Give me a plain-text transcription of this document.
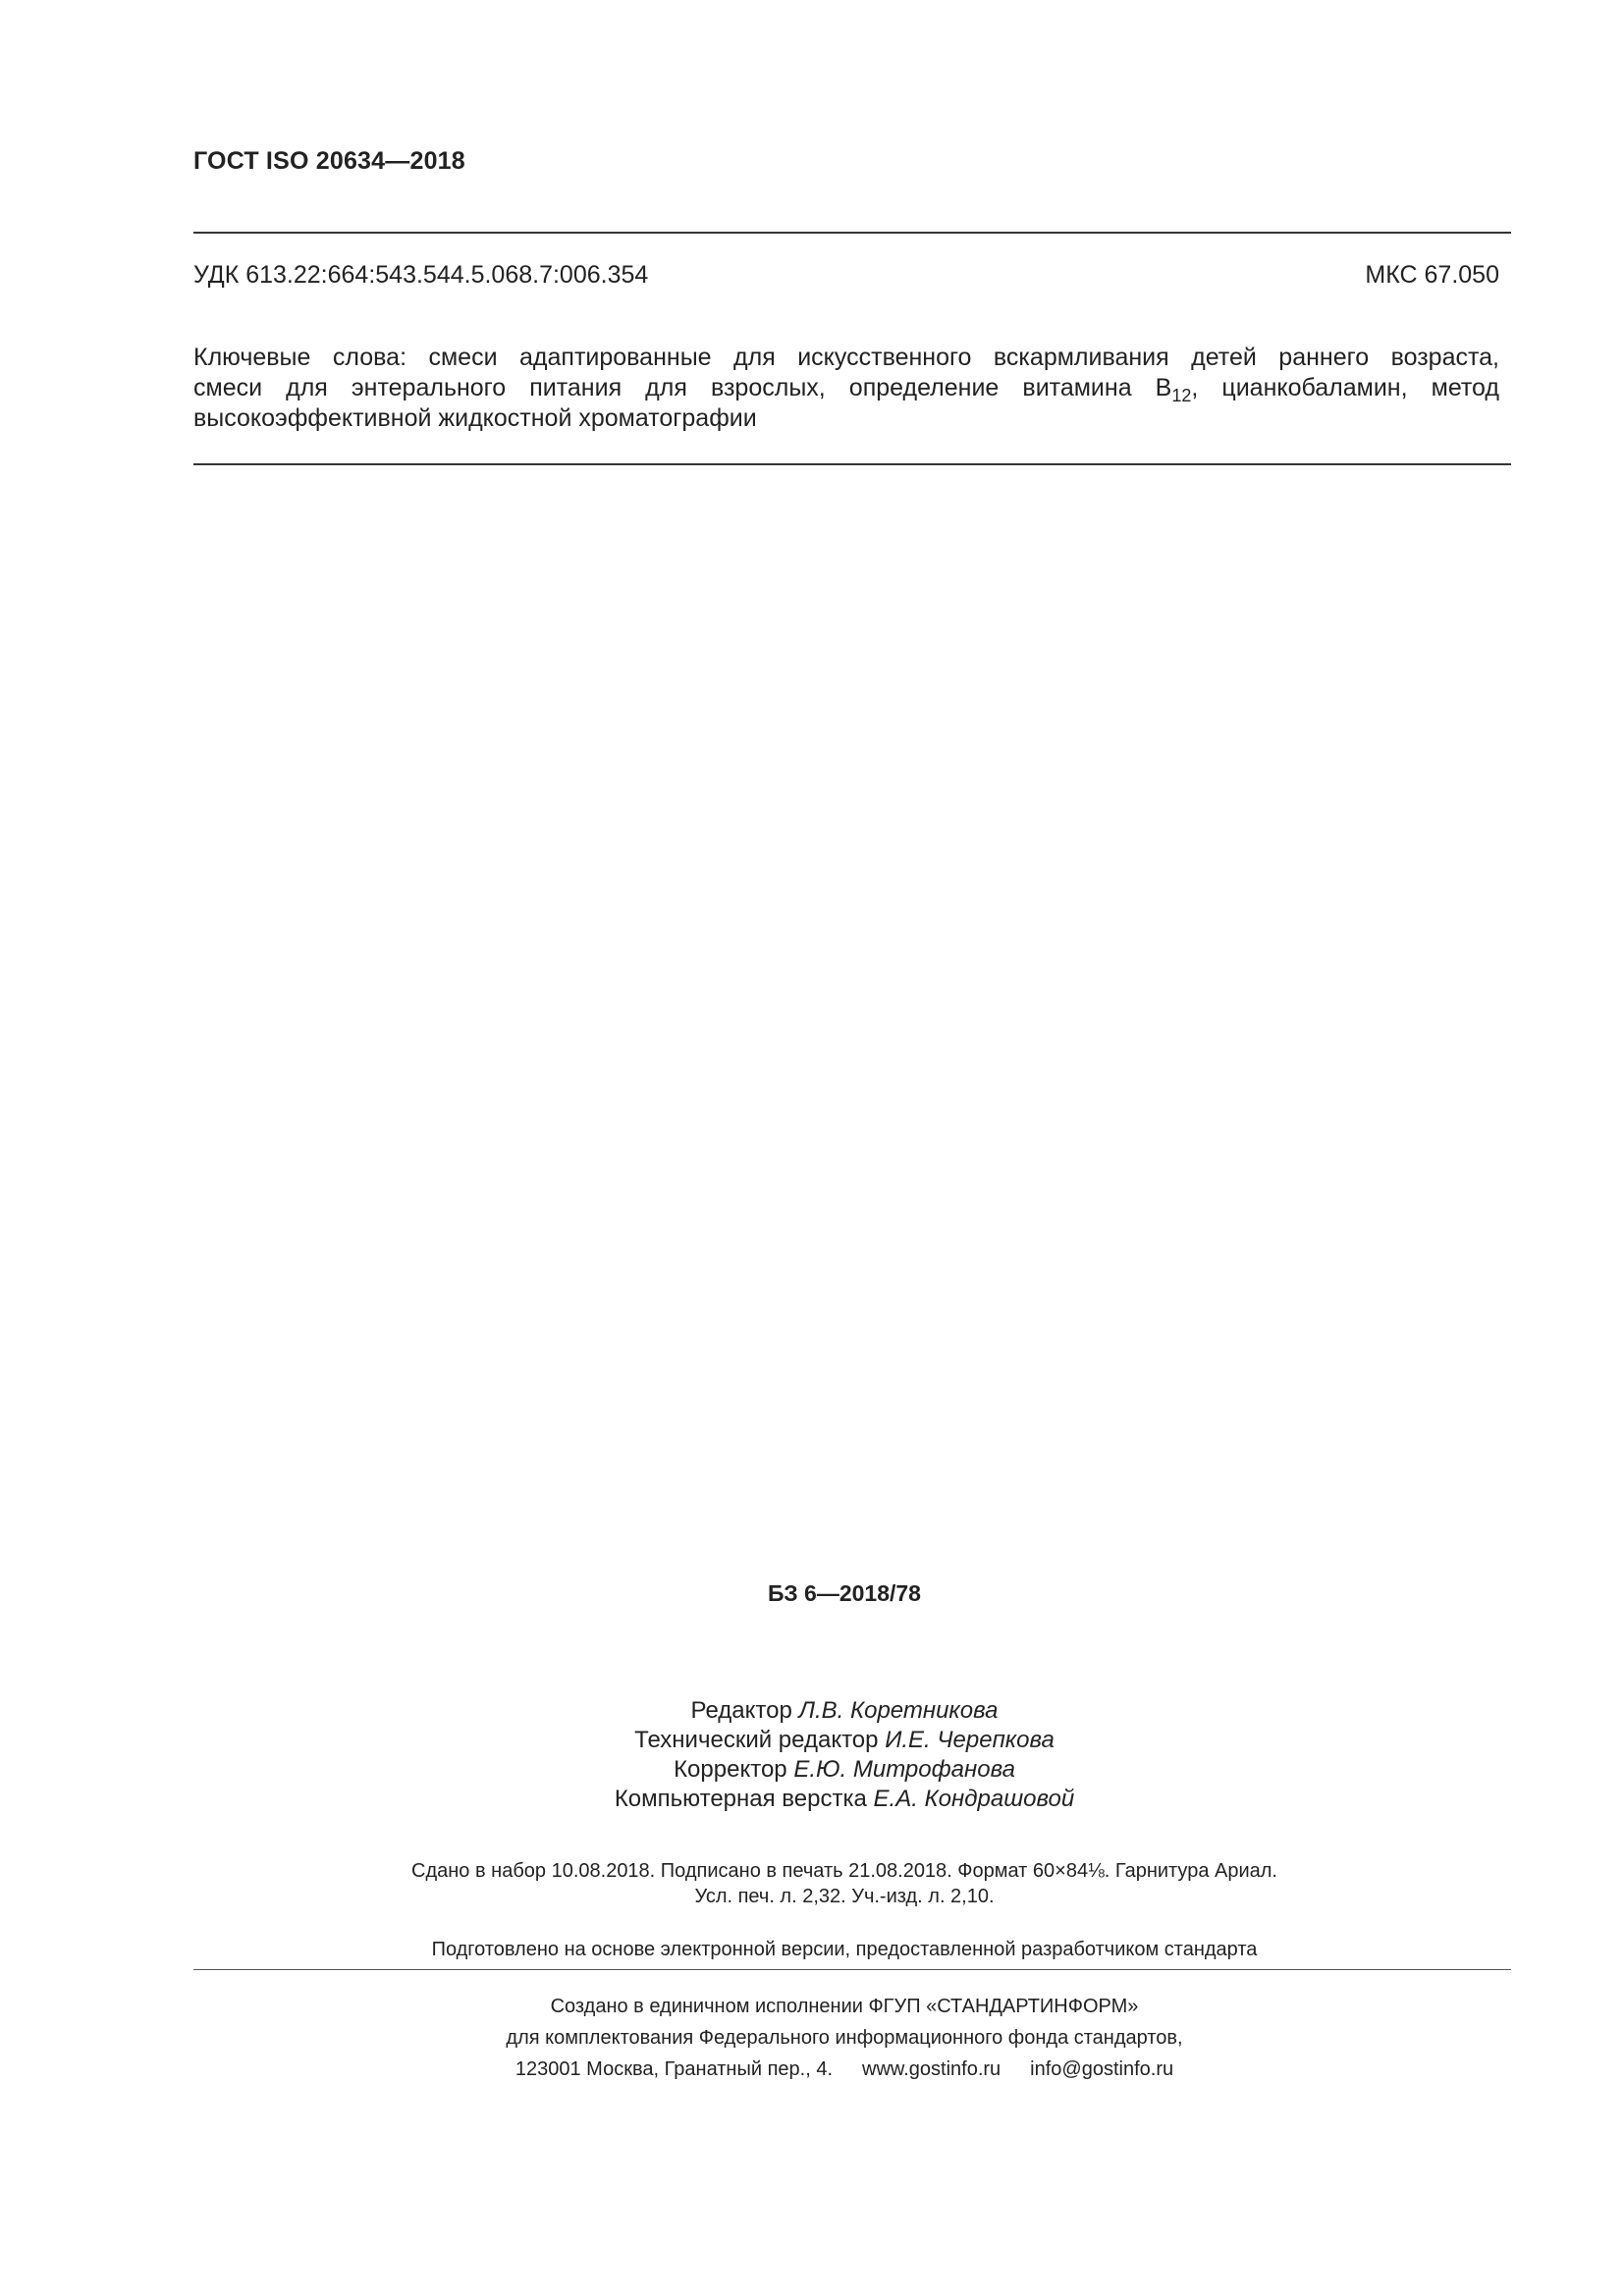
ГОСТ ISO 20634—2018
УДК 613.22:664:543.544.5.068.7:006.354	МКС 67.050
Ключевые слова: смеси адаптированные для искусственного вскармливания детей раннего возраста,
смеси для энтерального питания для взрослых, определение витамина $B_{12}$, цианкобаламин, метод
высокоэффективной жидкостной хроматографии
БЗ 6—2018/78
Редактор Л.В. Коретникова
Технический редактор И.Е. Черепкова
Корректор Е.Ю. Митрофанова
Компьютерная верстка Е.А. Кондрашовой
Сдано в набор 10.08.2018. Подписано в печать 21.08.2018. Формат 60×84⅛. Гарнитура Ариал.
Усл. печ. л. 2,32. Уч.-изд. л. 2,10.
Подготовлено на основе электронной версии, предоставленной разработчиком стандарта
Создано в единичном исполнении ФГУП «СТАНДАРТИНФОРМ»
для комплектования Федерального информационного фонда стандартов,
123001 Москва, Гранатный пер., 4. www.gostinfo.ru info@gostinfo.ru
